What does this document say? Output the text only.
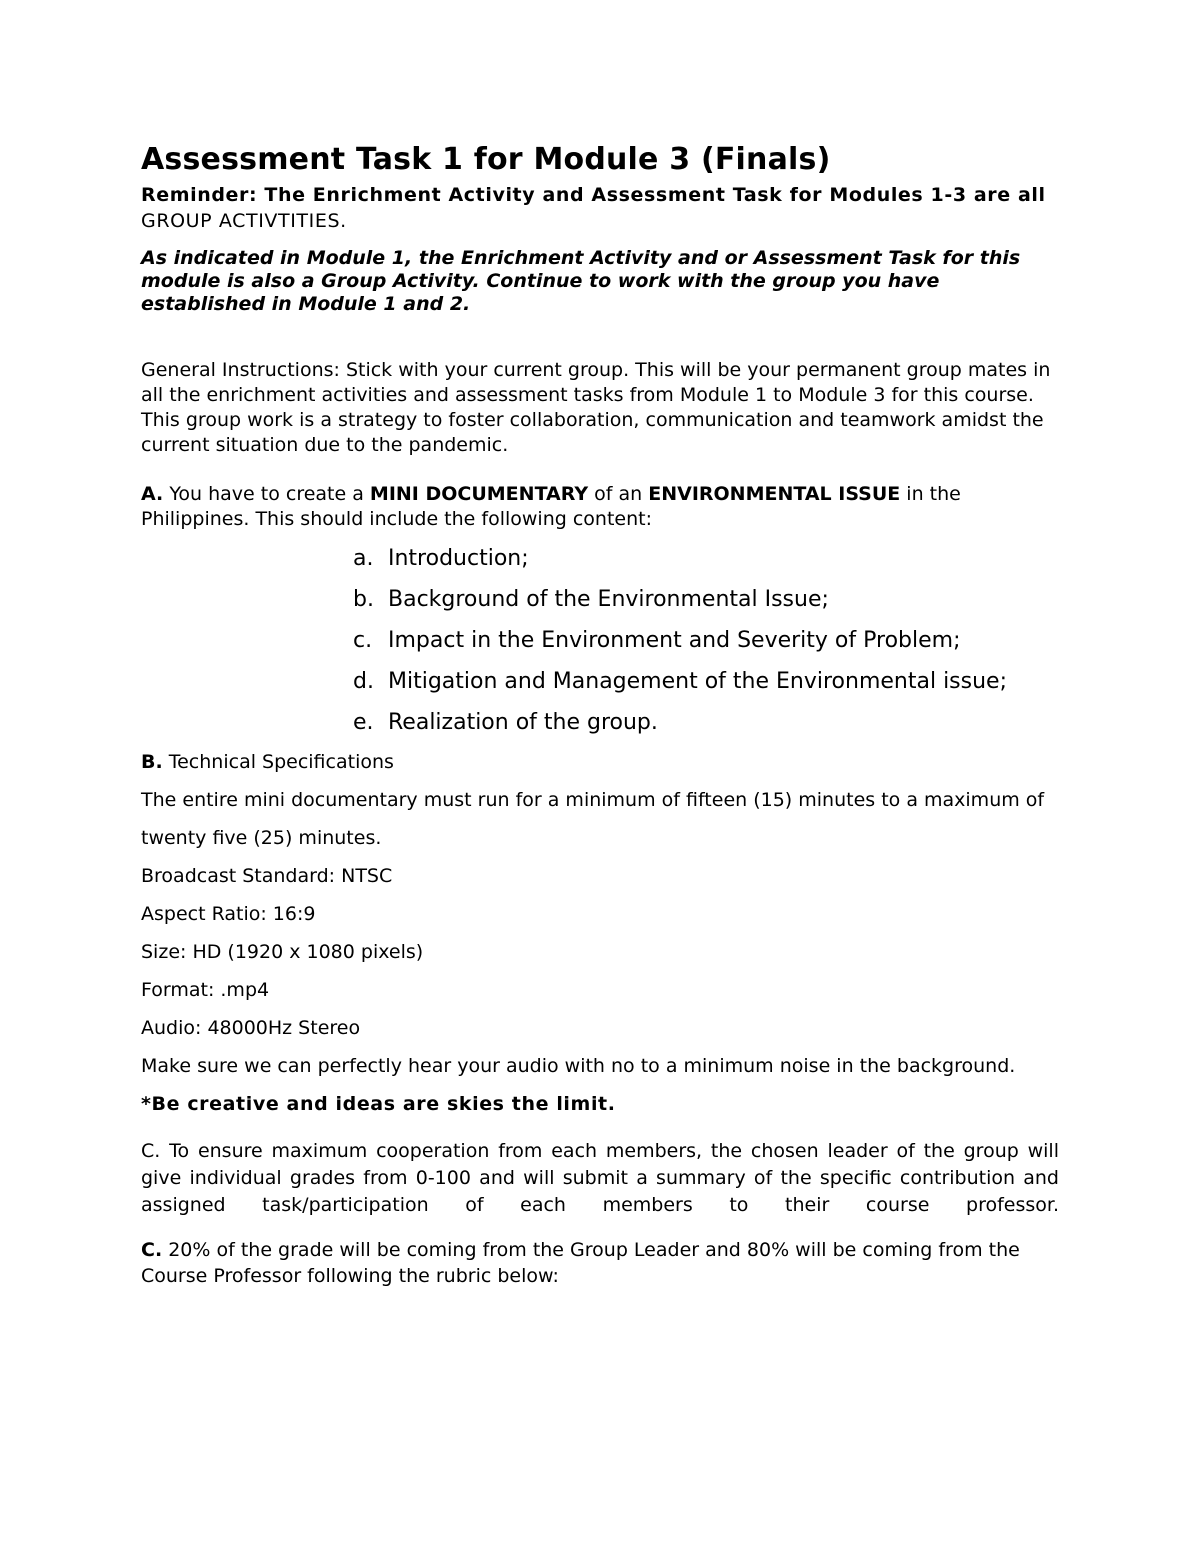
Assessment Task 1 for Module 3 (Finals)

Reminder: The Enrichment Activity and Assessment Task for Modules 1-3 are all GROUP ACTIVTITIES.

As indicated in Module 1, the Enrichment Activity and or Assessment Task for this module is also a Group Activity. Continue to work with the group you have established in Module 1 and 2.

General Instructions: Stick with your current group. This will be your permanent group mates in all the enrichment activities and assessment tasks from Module 1 to Module 3 for this course. This group work is a strategy to foster collaboration, communication and teamwork amidst the current situation due to the pandemic.

A. You have to create a MINI DOCUMENTARY of an ENVIRONMENTAL ISSUE in the Philippines. This should include the following content:

a. Introduction;
b. Background of the Environmental Issue;
c. Impact in the Environment and Severity of Problem;
d. Mitigation and Management of the Environmental issue;
e. Realization of the group.

B. Technical Specifications

The entire mini documentary must run for a minimum of fifteen (15) minutes to a maximum of twenty five (25) minutes.

Broadcast Standard: NTSC

Aspect Ratio: 16:9

Size: HD (1920 x 1080 pixels)

Format: .mp4

Audio: 48000Hz Stereo

Make sure we can perfectly hear your audio with no to a minimum noise in the background.

*Be creative and ideas are skies the limit.

C. To ensure maximum cooperation from each members, the chosen leader of the group will give individual grades from 0-100 and will submit a summary of the specific contribution and assigned task/participation of each members to their course professor.

C. 20% of the grade will be coming from the Group Leader and 80% will be coming from the Course Professor following the rubric below:
